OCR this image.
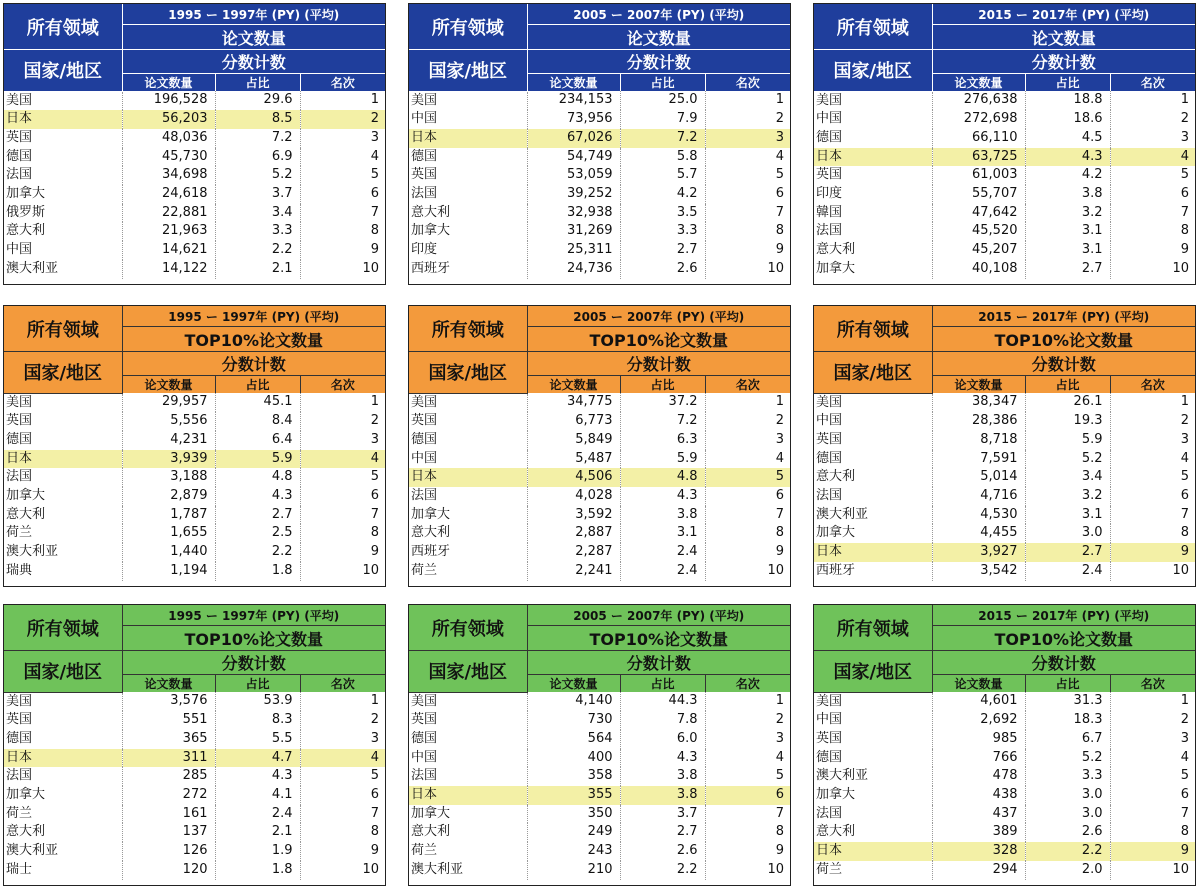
所有领域	1995 ー 1997年 (PY) (平均)		
	论文数量		
国家/地区	分数计数		
	论文数量	占比	名次
美国	196,528	29.6	1
日本	56,203	8.5	2
英国	48,036	7.2	3
德国	45,730	6.9	4
法国	34,698	5.2	5
加拿大	24,618	3.7	6
俄罗斯	22,881	3.4	7
意大利	21,963	3.3	8
中国	14,621	2.2	9
澳大利亚	14,122	2.1	10
所有领域	2005 ー 2007年 (PY) (平均)		
	论文数量		
国家/地区	分数计数		
	论文数量	占比	名次
美国	234,153	25.0	1
中国	73,956	7.9	2
日本	67,026	7.2	3
德国	54,749	5.8	4
英国	53,059	5.7	5
法国	39,252	4.2	6
意大利	32,938	3.5	7
加拿大	31,269	3.3	8
印度	25,311	2.7	9
西班牙	24,736	2.6	10
所有领域	2015 ー 2017年 (PY) (平均)		
	论文数量		
国家/地区	分数计数		
	论文数量	占比	名次
美国	276,638	18.8	1
中国	272,698	18.6	2
德国	66,110	4.5	3
日本	63,725	4.3	4
英国	61,003	4.2	5
印度	55,707	3.8	6
韓国	47,642	3.2	7
法国	45,520	3.1	8
意大利	45,207	3.1	9
加拿大	40,108	2.7	10
所有领域	1995 ー 1997年 (PY) (平均)		
	TOP10%论文数量		
国家/地区	分数计数		
	论文数量	占比	名次
美国	29,957	45.1	1
英国	5,556	8.4	2
德国	4,231	6.4	3
日本	3,939	5.9	4
法国	3,188	4.8	5
加拿大	2,879	4.3	6
意大利	1,787	2.7	7
荷兰	1,655	2.5	8
澳大利亚	1,440	2.2	9
瑞典	1,194	1.8	10
所有领域	2005 ー 2007年 (PY) (平均)		
	TOP10%论文数量		
国家/地区	分数计数		
	论文数量	占比	名次
美国	34,775	37.2	1
英国	6,773	7.2	2
德国	5,849	6.3	3
中国	5,487	5.9	4
日本	4,506	4.8	5
法国	4,028	4.3	6
加拿大	3,592	3.8	7
意大利	2,887	3.1	8
西班牙	2,287	2.4	9
荷兰	2,241	2.4	10
所有领域	2015 ー 2017年 (PY) (平均)		
	TOP10%论文数量		
国家/地区	分数计数		
	论文数量	占比	名次
美国	38,347	26.1	1
中国	28,386	19.3	2
英国	8,718	5.9	3
德国	7,591	5.2	4
意大利	5,014	3.4	5
法国	4,716	3.2	6
澳大利亚	4,530	3.1	7
加拿大	4,455	3.0	8
日本	3,927	2.7	9
西班牙	3,542	2.4	10
所有领域	1995 ー 1997年 (PY) (平均)		
	TOP10%论文数量		
国家/地区	分数计数		
	论文数量	占比	名次
美国	3,576	53.9	1
英国	551	8.3	2
德国	365	5.5	3
日本	311	4.7	4
法国	285	4.3	5
加拿大	272	4.1	6
荷兰	161	2.4	7
意大利	137	2.1	8
澳大利亚	126	1.9	9
瑞士	120	1.8	10
所有领域	2005 ー 2007年 (PY) (平均)		
	TOP10%论文数量		
国家/地区	分数计数		
	论文数量	占比	名次
美国	4,140	44.3	1
英国	730	7.8	2
德国	564	6.0	3
中国	400	4.3	4
法国	358	3.8	5
日本	355	3.8	6
加拿大	350	3.7	7
意大利	249	2.7	8
荷兰	243	2.6	9
澳大利亚	210	2.2	10
所有领域	2015 ー 2017年 (PY) (平均)		
	TOP10%论文数量		
国家/地区	分数计数		
	论文数量	占比	名次
美国	4,601	31.3	1
中国	2,692	18.3	2
英国	985	6.7	3
德国	766	5.2	4
澳大利亚	478	3.3	5
加拿大	438	3.0	6
法国	437	3.0	7
意大利	389	2.6	8
日本	328	2.2	9
荷兰	294	2.0	10
